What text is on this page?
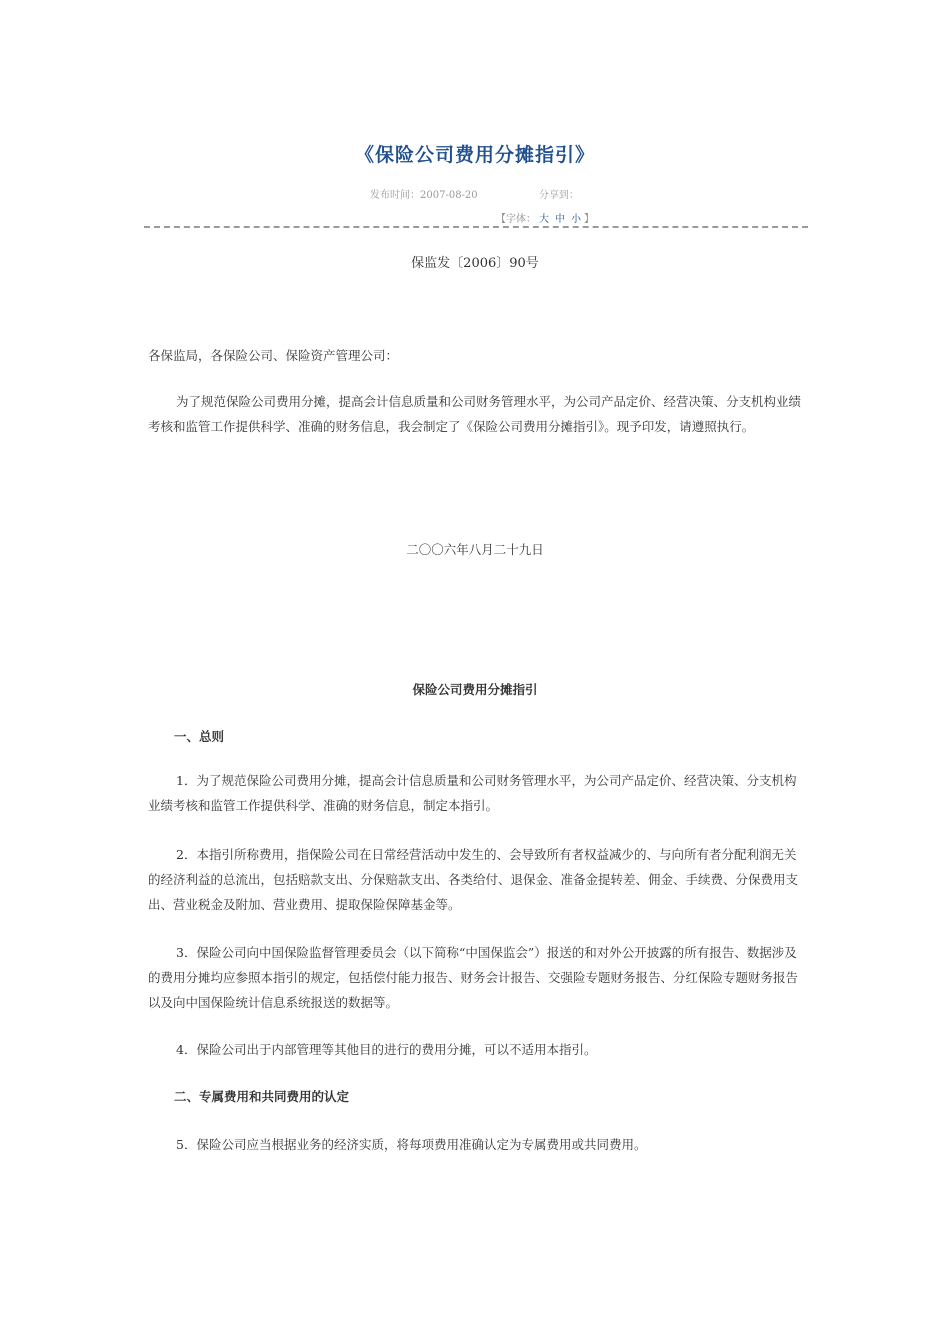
《保险公司费用分摊指引》
发布时间：2007-08-20	分享到：
【字体： 大 中 小 】
保监发〔2006〕90号
各保监局，各保险公司、保险资产管理公司：
为了规范保险公司费用分摊，提高会计信息质量和公司财务管理水平，为公司产品定价、经营决策、分支机构业绩考核和监管工作提供科学、准确的财务信息，我会制定了《保险公司费用分摊指引》。现予印发，请遵照执行。
二〇〇六年八月二十九日
保险公司费用分摊指引
一、总则
1．为了规范保险公司费用分摊，提高会计信息质量和公司财务管理水平，为公司产品定价、经营决策、分支机构业绩考核和监管工作提供科学、准确的财务信息，制定本指引。
2．本指引所称费用，指保险公司在日常经营活动中发生的、会导致所有者权益减少的、与向所有者分配利润无关的经济利益的总流出，包括赔款支出、分保赔款支出、各类给付、退保金、准备金提转差、佣金、手续费、分保费用支出、营业税金及附加、营业费用、提取保险保障基金等。
3．保险公司向中国保险监督管理委员会（以下简称“中国保监会”）报送的和对外公开披露的所有报告、数据涉及的费用分摊均应参照本指引的规定，包括偿付能力报告、财务会计报告、交强险专题财务报告、分红保险专题财务报告以及向中国保险统计信息系统报送的数据等。
4．保险公司出于内部管理等其他目的进行的费用分摊，可以不适用本指引。
二、专属费用和共同费用的认定
5．保险公司应当根据业务的经济实质，将每项费用准确认定为专属费用或共同费用。
